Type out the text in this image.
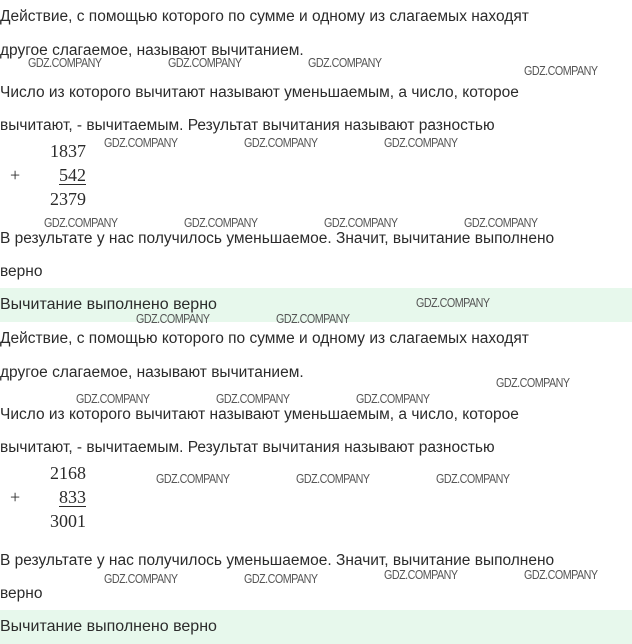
Действие, с помощью которого по сумме и одному из слагаемых находят
другое слагаемое, называют вычитанием.
Число из которого вычитают называют уменьшаемым, а число, которое
вычитают, - вычитаемым. Результат вычитания называют разностью
1837
+	542
2379
В результате у нас получилось уменьшаемое. Значит, вычитание выполнено
верно
Вычитание выполнено верно
Действие, с помощью которого по сумме и одному из слагаемых находят
другое слагаемое, называют вычитанием.
Число из которого вычитают называют уменьшаемым, а число, которое
вычитают, - вычитаемым. Результат вычитания называют разностью
2168
+	833
3001
В результате у нас получилось уменьшаемое. Значит, вычитание выполнено
верно
Вычитание выполнено верно
GDZ.COMPANY	GDZ.COMPANY	GDZ.COMPANY
GDZ.COMPANY
GDZ.COMPANY	GDZ.COMPANY	GDZ.COMPANY
GDZ.COMPANY	GDZ.COMPANY	GDZ.COMPANY	GDZ.COMPANY
GDZ.COMPANY
GDZ.COMPANY	GDZ.COMPANY
GDZ.COMPANY
GDZ.COMPANY	GDZ.COMPANY	GDZ.COMPANY
GDZ.COMPANY	GDZ.COMPANY	GDZ.COMPANY
GDZ.COMPANY	GDZ.COMPANY
GDZ.COMPANY	GDZ.COMPANY
